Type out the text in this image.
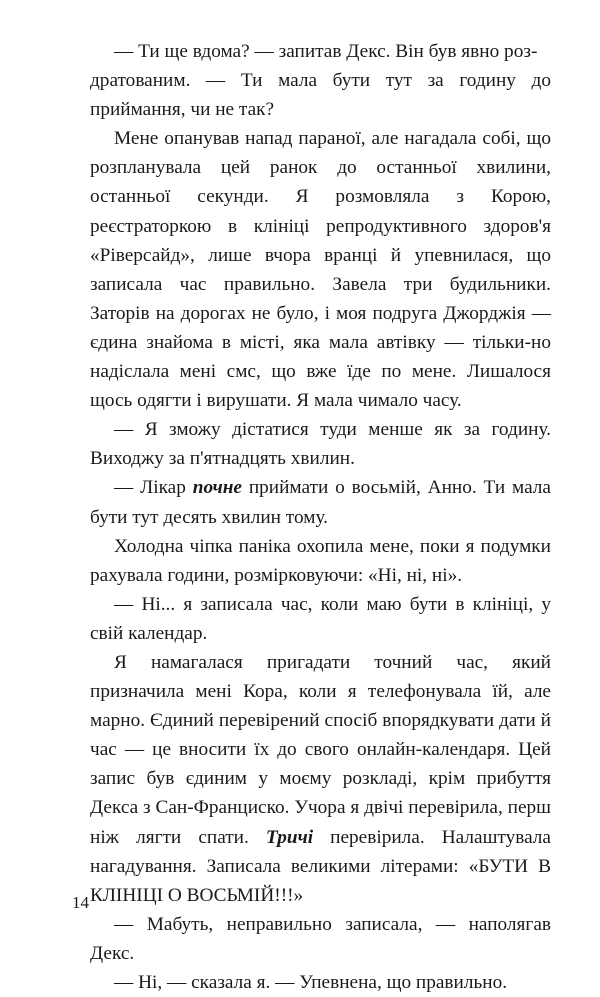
— Ти ще вдома? — запитав Декс. Він був явно роз-
дратованим. — Ти мала бути тут за годину до приймання, чи не так?

Мене опанував напад параної, але нагадала собі, що розпланувала цей ранок до останньої хвилини, останньої секунди. Я розмовляла з Корою, реєстраторкою в клініці репродуктивного здоров'я «Ріверсайд», лише вчора вранці й упевнилася, що записала час правильно. Завела три будильники. Заторів на дорогах не було, і моя подруга Джорджія — єдина знайома в місті, яка мала автівку — тільки-но надіслала мені смс, що вже їде по мене. Лишалося щось одягти і вирушати. Я мала чимало часу.

— Я зможу дістатися туди менше як за годину. Виходжу за п'ятнадцять хвилин.

— Лікар почне приймати о восьмій, Анно. Ти мала бути тут десять хвилин тому.

Холодна чіпка паніка охопила мене, поки я подумки рахувала години, розмірковуючи: «Ні, ні, ні».

— Ні... я записала час, коли маю бути в клініці, у свій календар.

Я намагалася пригадати точний час, який призначила мені Кора, коли я телефонувала їй, але марно. Єдиний перевірений спосіб впорядкувати дати й час — це вносити їх до свого онлайн-календаря. Цей запис був єдиним у моєму розкладі, крім прибуття Декса з Сан-Франциско. Учора я двічі перевірила, перш ніж лягти спати. Тричі перевірила. Налаштувала нагадування. Записала великими літерами: «БУТИ В КЛІНІЦІ О ВОСЬМІЙ!!!»

— Мабуть, неправильно записала, — наполягав Декс.

— Ні, — сказала я. — Упевнена, що правильно.

14
